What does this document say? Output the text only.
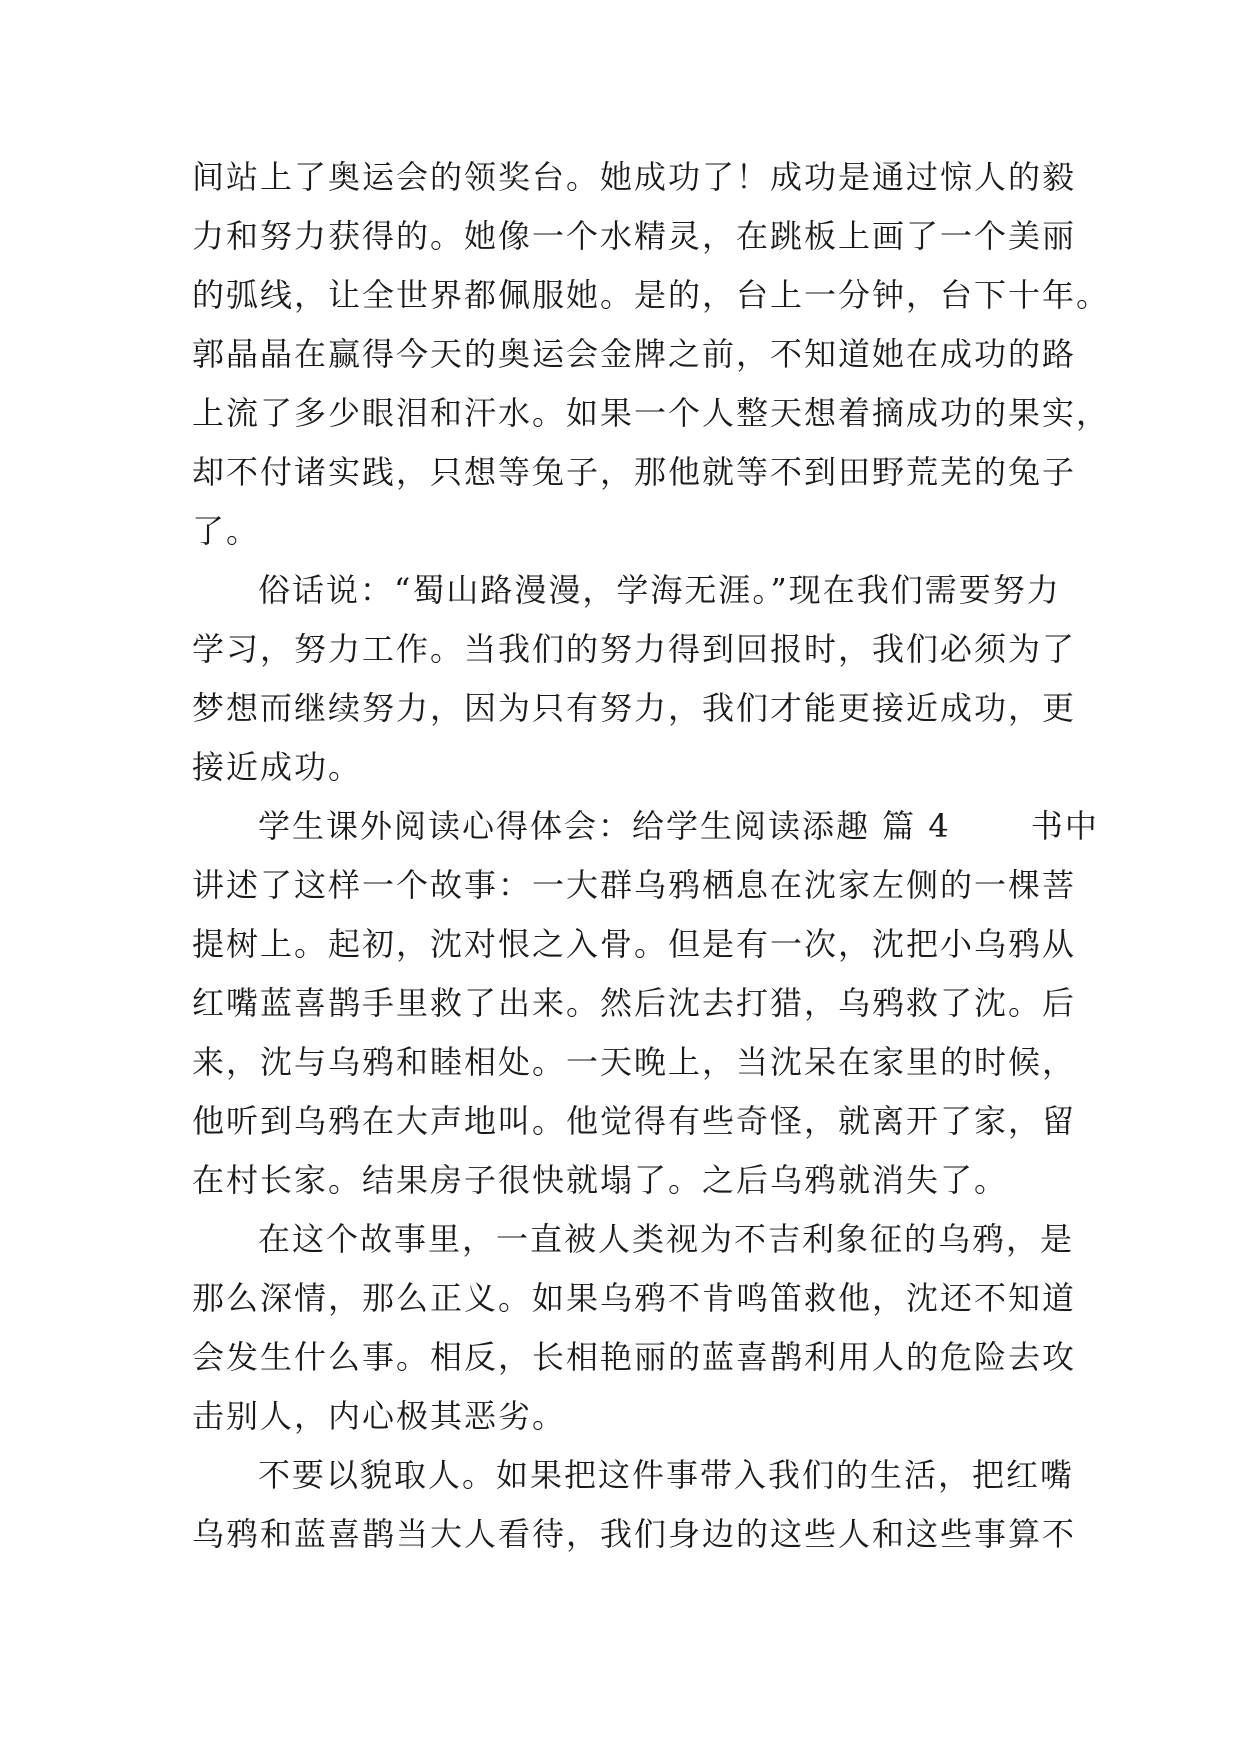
间站上了奥运会的领奖台。她成功了！成功是通过惊人的毅
力和努力获得的。她像一个水精灵，在跳板上画了一个美丽
的弧线，让全世界都佩服她。是的，台上一分钟，台下十年。
郭晶晶在赢得今天的奥运会金牌之前，不知道她在成功的路
上流了多少眼泪和汗水。如果一个人整天想着摘成功的果实，
却不付诸实践，只想等兔子，那他就等不到田野荒芜的兔子
了。
俗话说：“蜀山路漫漫，学海无涯。”现在我们需要努力
学习，努力工作。当我们的努力得到回报时，我们必须为了
梦想而继续努力，因为只有努力，我们才能更接近成功，更
接近成功。
学生课外阅读心得体会：给学生阅读添趣 篇 4 　　书中
讲述了这样一个故事：一大群乌鸦栖息在沈家左侧的一棵菩
提树上。起初，沈对恨之入骨。但是有一次，沈把小乌鸦从
红嘴蓝喜鹊手里救了出来。然后沈去打猎，乌鸦救了沈。后
来，沈与乌鸦和睦相处。一天晚上，当沈呆在家里的时候，
他听到乌鸦在大声地叫。他觉得有些奇怪，就离开了家，留
在村长家。结果房子很快就塌了。之后乌鸦就消失了。
在这个故事里，一直被人类视为不吉利象征的乌鸦，是
那么深情，那么正义。如果乌鸦不肯鸣笛救他，沈还不知道
会发生什么事。相反，长相艳丽的蓝喜鹊利用人的危险去攻
击别人，内心极其恶劣。
不要以貌取人。如果把这件事带入我们的生活，把红嘴
乌鸦和蓝喜鹊当大人看待，我们身边的这些人和这些事算不
